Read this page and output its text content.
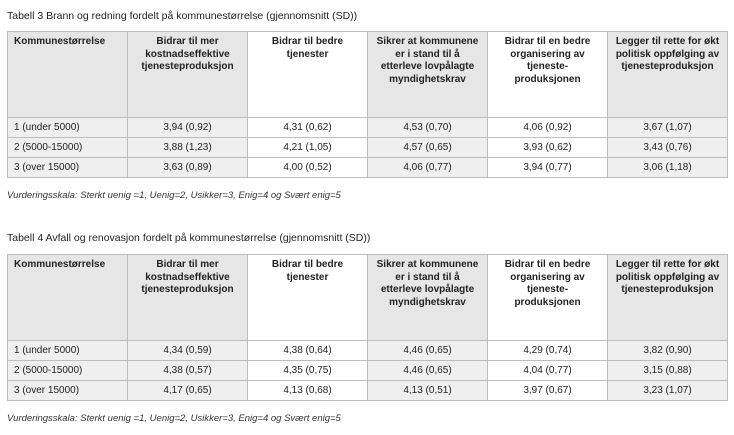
Tabell 3 Brann og redning fordelt på kommunestørrelse (gjennomsnitt (SD))
Kommunestørrelse	Bidrar til mer kostnadseffektive tjenesteproduksjon	Bidrar til bedre tjenester	Sikrer at kommunene er i stand til å etterleve lovpålagte myndighetskrav	Bidrar til en bedre organisering av tjeneste-produksjonen	Legger til rette for økt politisk oppfølging av tjenesteproduksjon
1 (under 5000)	3,94 (0,92)	4,31 (0,62)	4,53 (0,70)	4,06 (0,92)	3,67 (1,07)
2 (5000-15000)	3,88 (1,23)	4,21 (1,05)	4,57 (0,65)	3,93 (0,62)	3,43 (0,76)
3 (over 15000)	3,63 (0,89)	4,00 (0,52)	4,06 (0,77)	3,94 (0,77)	3,06 (1,18)
Vurderingsskala: Sterkt uenig =1, Uenig=2, Usikker=3, Enig=4 og Svært enig=5
Tabell 4 Avfall og renovasjon fordelt på kommunestørrelse (gjennomsnitt (SD))
Kommunestørrelse	Bidrar til mer kostnadseffektive tjenesteproduksjon	Bidrar til bedre tjenester	Sikrer at kommunene er i stand til å etterleve lovpålagte myndighetskrav	Bidrar til en bedre organisering av tjeneste-produksjonen	Legger til rette for økt politisk oppfølging av tjenesteproduksjon
1 (under 5000)	4,34 (0,59)	4,38 (0,64)	4,46 (0,65)	4,29 (0,74)	3,82 (0,90)
2 (5000-15000)	4,38 (0,57)	4,35 (0,75)	4,46 (0,65)	4,04 (0,77)	3,15 (0,88)
3 (over 15000)	4,17 (0,65)	4,13 (0,68)	4,13 (0,51)	3,97 (0,67)	3,23 (1,07)
Vurderingsskala: Sterkt uenig =1, Uenig=2, Usikker=3, Enig=4 og Svært enig=5
